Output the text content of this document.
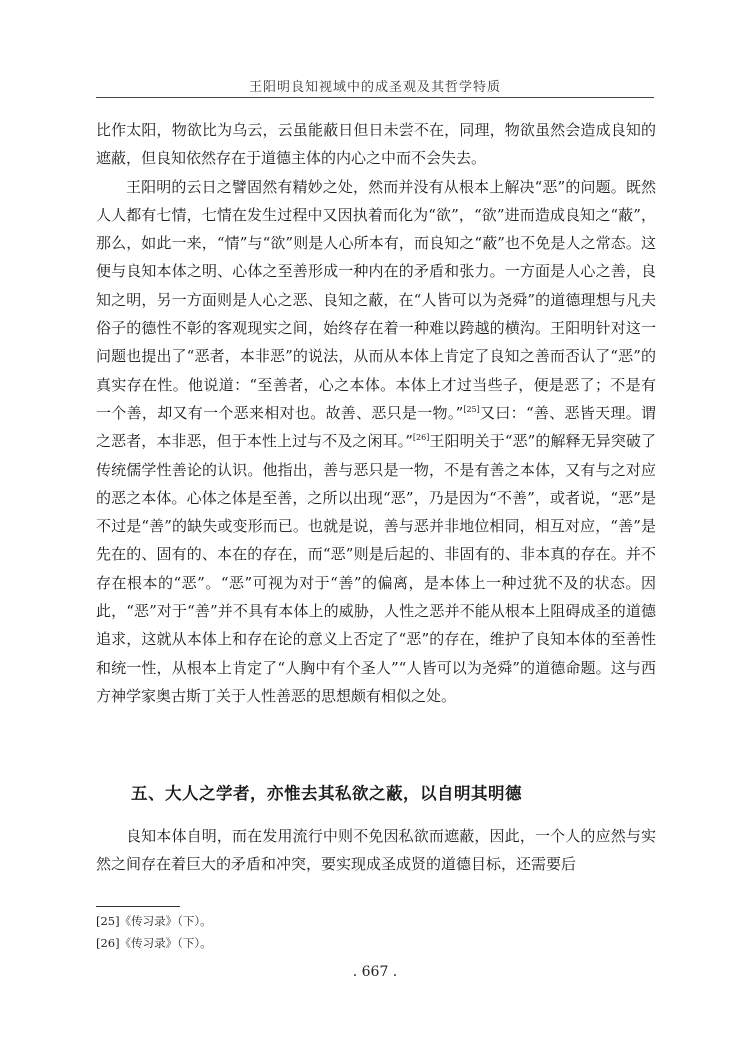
王阳明良知视域中的成圣观及其哲学特质

比作太阳，物欲比为乌云，云虽能蔽日但日未尝不在，同理，物欲虽然会造成良知的遮蔽，但良知依然存在于道德主体的内心之中而不会失去。

王阳明的云日之譬固然有精妙之处，然而并没有从根本上解决“恶”的问题。既然人人都有七情，七情在发生过程中又因执着而化为“欲”，“欲”进而造成良知之“蔽”，那么，如此一来，“情”与“欲”则是人心所本有，而良知之“蔽”也不免是人之常态。这便与良知本体之明、心体之至善形成一种内在的矛盾和张力。一方面是人心之善，良知之明，另一方面则是人心之恶、良知之蔽，在“人皆可以为尧舜”的道德理想与凡夫俗子的德性不彰的客观现实之间，始终存在着一种难以跨越的横沟。王阳明针对这一问题也提出了“恶者，本非恶”的说法，从而从本体上肯定了良知之善而否认了“恶”的真实存在性。他说道：“至善者，心之本体。本体上才过当些子，便是恶了；不是有一个善，却又有一个恶来相对也。故善、恶只是一物。”[25]又曰：“善、恶皆天理。谓之恶者，本非恶，但于本性上过与不及之闲耳。”[26]王阳明关于“恶”的解释无异突破了传统儒学性善论的认识。他指出，善与恶只是一物，不是有善之本体，又有与之对应的恶之本体。心体之体是至善，之所以出现“恶”，乃是因为“不善”，或者说，“恶”是不过是“善”的缺失或变形而已。也就是说，善与恶并非地位相同，相互对应，“善”是先在的、固有的、本在的存在，而“恶”则是后起的、非固有的、非本真的存在。并不存在根本的“恶”。“恶”可视为对于“善”的偏离，是本体上一种过犹不及的状态。因此，“恶”对于“善”并不具有本体上的威胁，人性之恶并不能从根本上阻碍成圣的道德追求，这就从本体上和存在论的意义上否定了“恶”的存在，维护了良知本体的至善性和统一性，从根本上肯定了“人胸中有个圣人”“人皆可以为尧舜”的道德命题。这与西方神学家奥古斯丁关于人性善恶的思想颇有相似之处。

五、大人之学者，亦惟去其私欲之蔽，以自明其明德

良知本体自明，而在发用流行中则不免因私欲而遮蔽，因此，一个人的应然与实然之间存在着巨大的矛盾和冲突，要实现成圣成贤的道德目标，还需要后

[25]《传习录》（下）。
[26]《传习录》（下）。
. 667 .
